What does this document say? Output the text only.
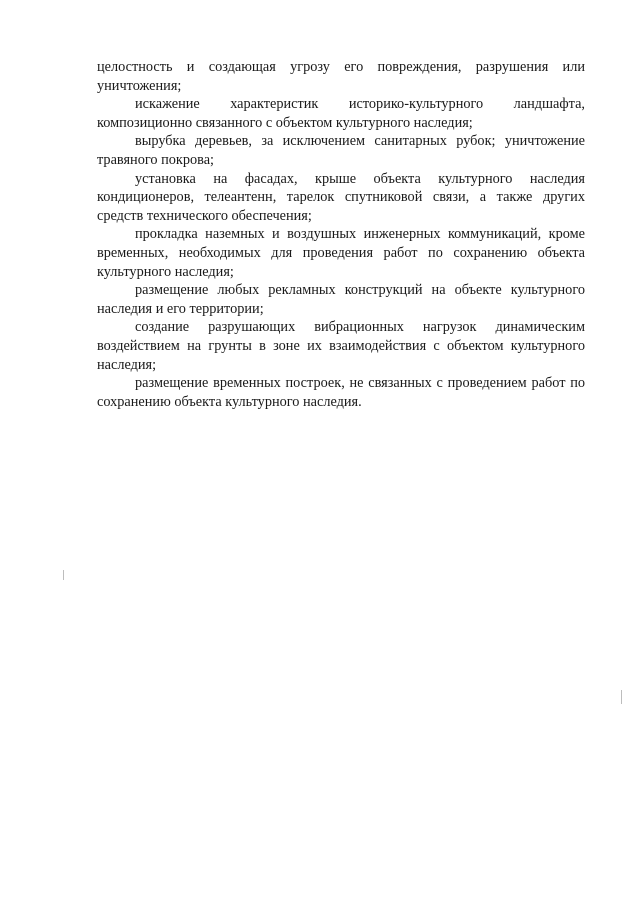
целостность и создающая угрозу его повреждения, разрушения или уничтожения;

искажение характеристик историко-культурного ландшафта, композиционно связанного с объектом культурного наследия;

вырубка деревьев, за исключением санитарных рубок; уничтожение травяного покрова;

установка на фасадах, крыше объекта культурного наследия кондиционеров, телеантенн, тарелок спутниковой связи, а также других средств технического обеспечения;

прокладка наземных и воздушных инженерных коммуникаций, кроме временных, необходимых для проведения работ по сохранению объекта культурного наследия;

размещение любых рекламных конструкций на объекте культурного наследия и его территории;

создание разрушающих вибрационных нагрузок динамическим воздействием на грунты в зоне их взаимодействия с объектом культурного наследия;

размещение временных построек, не связанных с проведением работ по сохранению объекта культурного наследия.
